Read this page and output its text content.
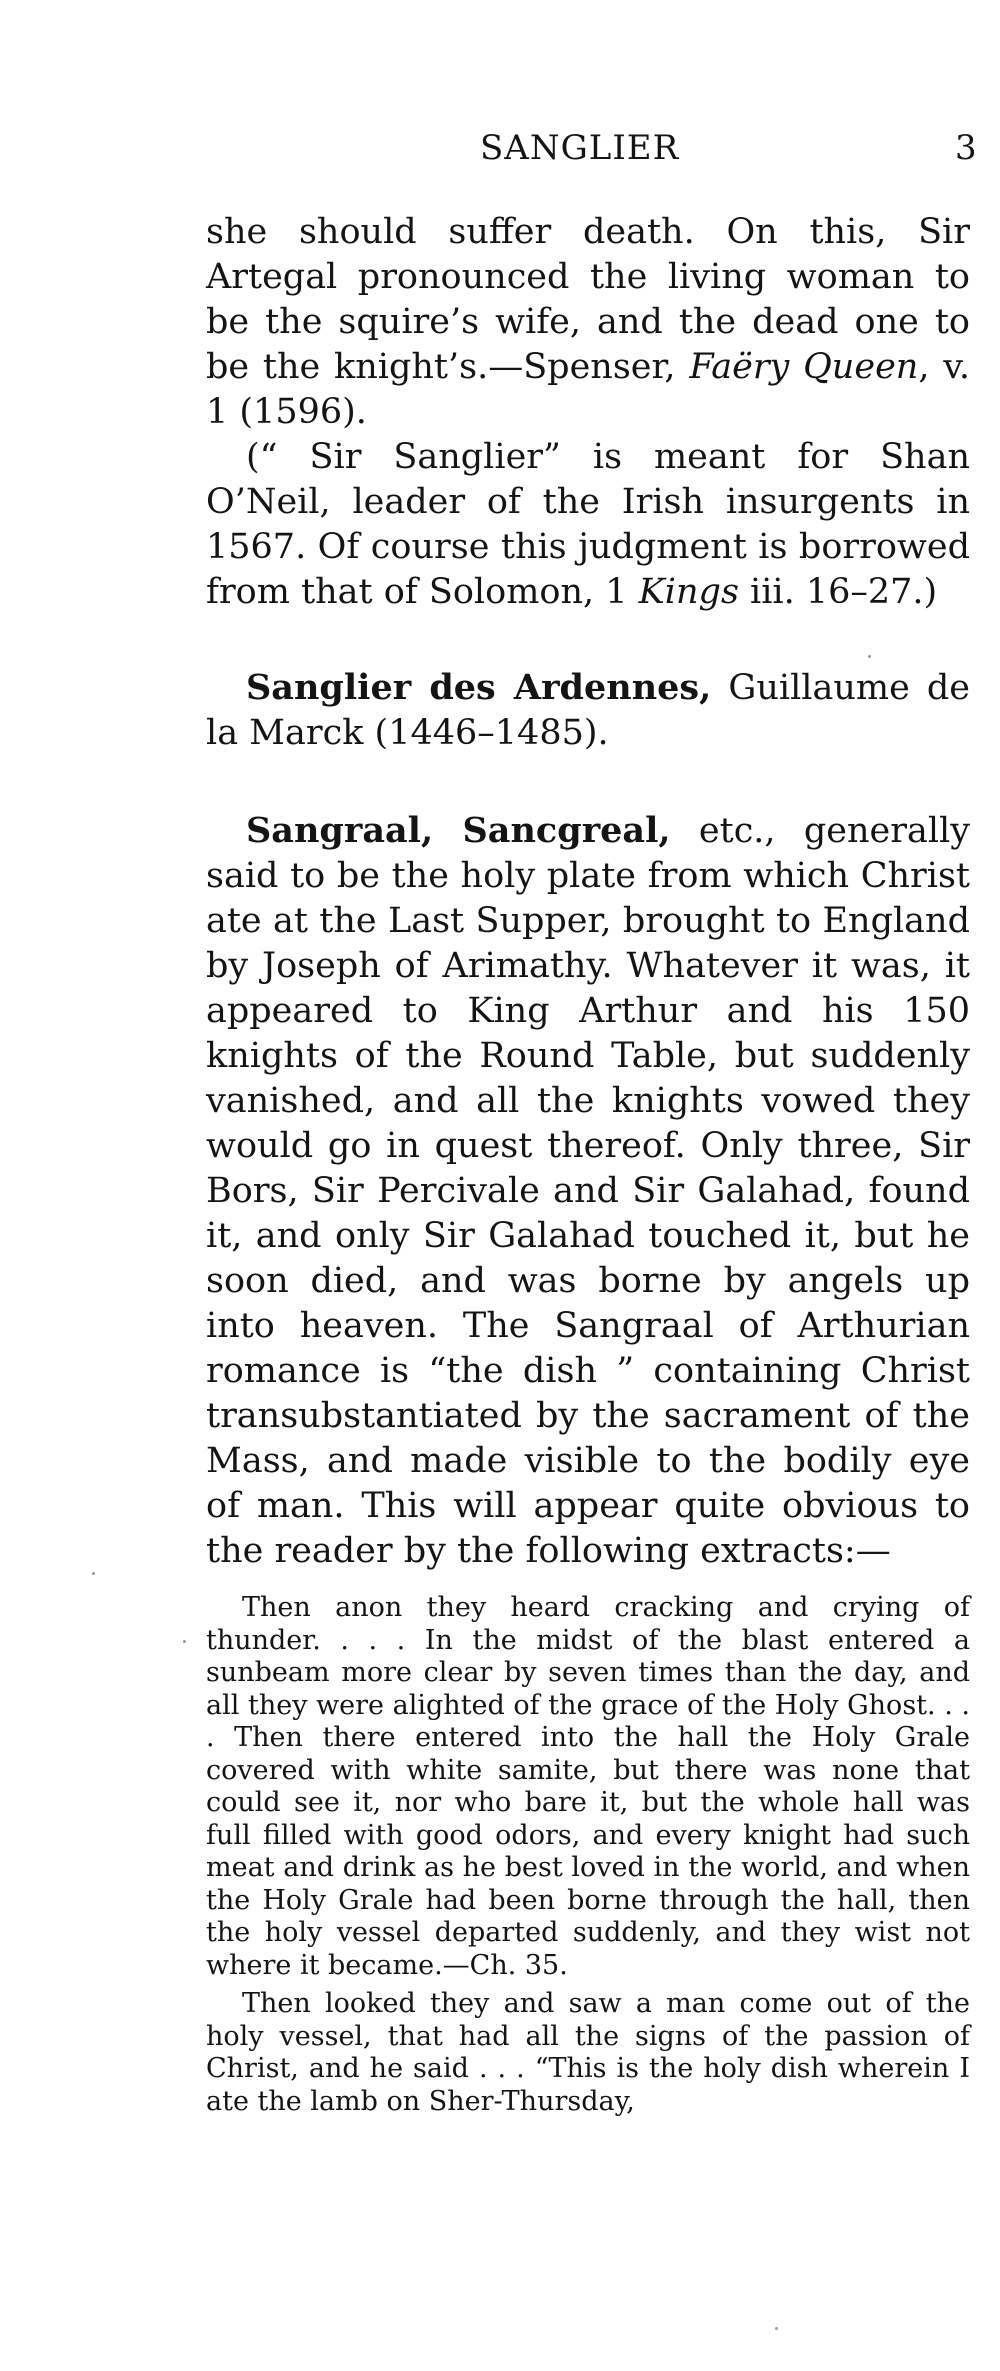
SANGLIER	3

she should suffer death. On this, Sir Artegal pronounced the living woman to be the squire’s wife, and the dead one to be the knight’s.—Spenser, Faëry Queen, v. 1 (1596).

(“ Sir Sanglier” is meant for Shan O’Neil, leader of the Irish insurgents in 1567. Of course this judgment is borrowed from that of Solomon, 1 Kings iii. 16–27.)

Sanglier des Ardennes, Guillaume de la Marck (1446–1485).

Sangraal, Sancgreal, etc., generally said to be the holy plate from which Christ ate at the Last Supper, brought to England by Joseph of Arimathy. Whatever it was, it appeared to King Arthur and his 150 knights of the Round Table, but suddenly vanished, and all the knights vowed they would go in quest thereof. Only three, Sir Bors, Sir Percivale and Sir Galahad, found it, and only Sir Galahad touched it, but he soon died, and was borne by angels up into heaven. The Sangraal of Arthurian romance is “the dish ” containing Christ transubstantiated by the sacrament of the Mass, and made visible to the bodily eye of man. This will appear quite obvious to the reader by the following extracts:—

Then anon they heard cracking and crying of thunder. . . . In the midst of the blast entered a sunbeam more clear by seven times than the day, and all they were alighted of the grace of the Holy Ghost. . . . Then there entered into the hall the Holy Grale covered with white samite, but there was none that could see it, nor who bare it, but the whole hall was full filled with good odors, and every knight had such meat and drink as he best loved in the world, and when the Holy Grale had been borne through the hall, then the holy vessel departed suddenly, and they wist not where it became.—Ch. 35.

Then looked they and saw a man come out of the holy vessel, that had all the signs of the passion of Christ, and he said . . . “This is the holy dish wherein I ate the lamb on Sher-Thursday,
